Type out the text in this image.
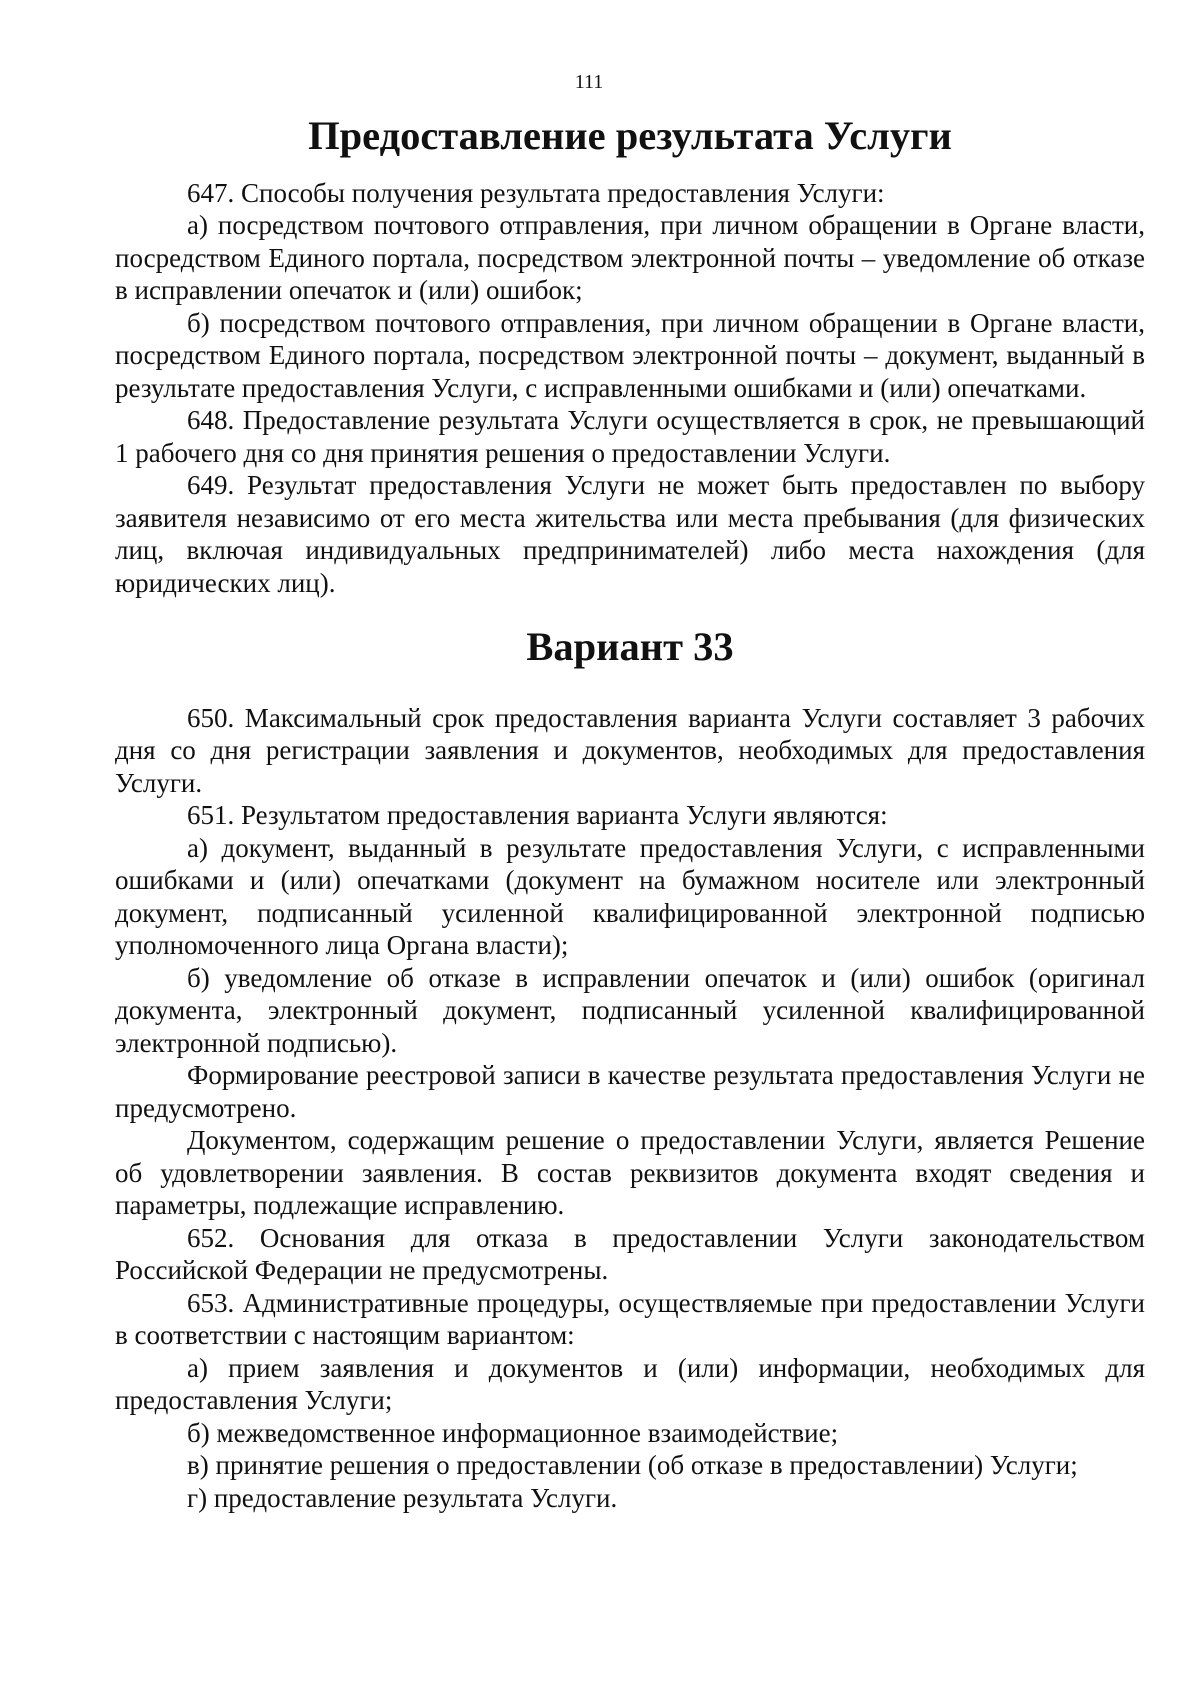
111
Предоставление результата Услуги

647. Способы получения результата предоставления Услуги:

а) посредством почтового отправления, при личном обращении в Органе власти, посредством Единого портала, посредством электронной почты – уведомление об отказе в исправлении опечаток и (или) ошибок;

б) посредством почтового отправления, при личном обращении в Органе власти, посредством Единого портала, посредством электронной почты – документ, выданный в результате предоставления Услуги, с исправленными ошибками и (или) опечатками.

648. Предоставление результата Услуги осуществляется в срок, не превышающий 1 рабочего дня со дня принятия решения о предоставлении Услуги.

649. Результат предоставления Услуги не может быть предоставлен по выбору заявителя независимо от его места жительства или места пребывания (для физических лиц, включая индивидуальных предпринимателей) либо места нахождения (для юридических лиц).

Вариант 33

650. Максимальный срок предоставления варианта Услуги составляет 3 рабочих дня со дня регистрации заявления и документов, необходимых для предоставления Услуги.

651. Результатом предоставления варианта Услуги являются:

а) документ, выданный в результате предоставления Услуги, с исправленными ошибками и (или) опечатками (документ на бумажном носителе или электронный документ, подписанный усиленной квалифицированной электронной подписью уполномоченного лица Органа власти);

б) уведомление об отказе в исправлении опечаток и (или) ошибок (оригинал документа, электронный документ, подписанный усиленной квалифицированной электронной подписью).

Формирование реестровой записи в качестве результата предоставления Услуги не предусмотрено.

Документом, содержащим решение о предоставлении Услуги, является Решение об удовлетворении заявления. В состав реквизитов документа входят сведения и параметры, подлежащие исправлению.

652. Основания для отказа в предоставлении Услуги законодательством Российской Федерации не предусмотрены.

653. Административные процедуры, осуществляемые при предоставлении Услуги в соответствии с настоящим вариантом:

а) прием заявления и документов и (или) информации, необходимых для предоставления Услуги;

б) межведомственное информационное взаимодействие;

в) принятие решения о предоставлении (об отказе в предоставлении) Услуги;

г) предоставление результата Услуги.
